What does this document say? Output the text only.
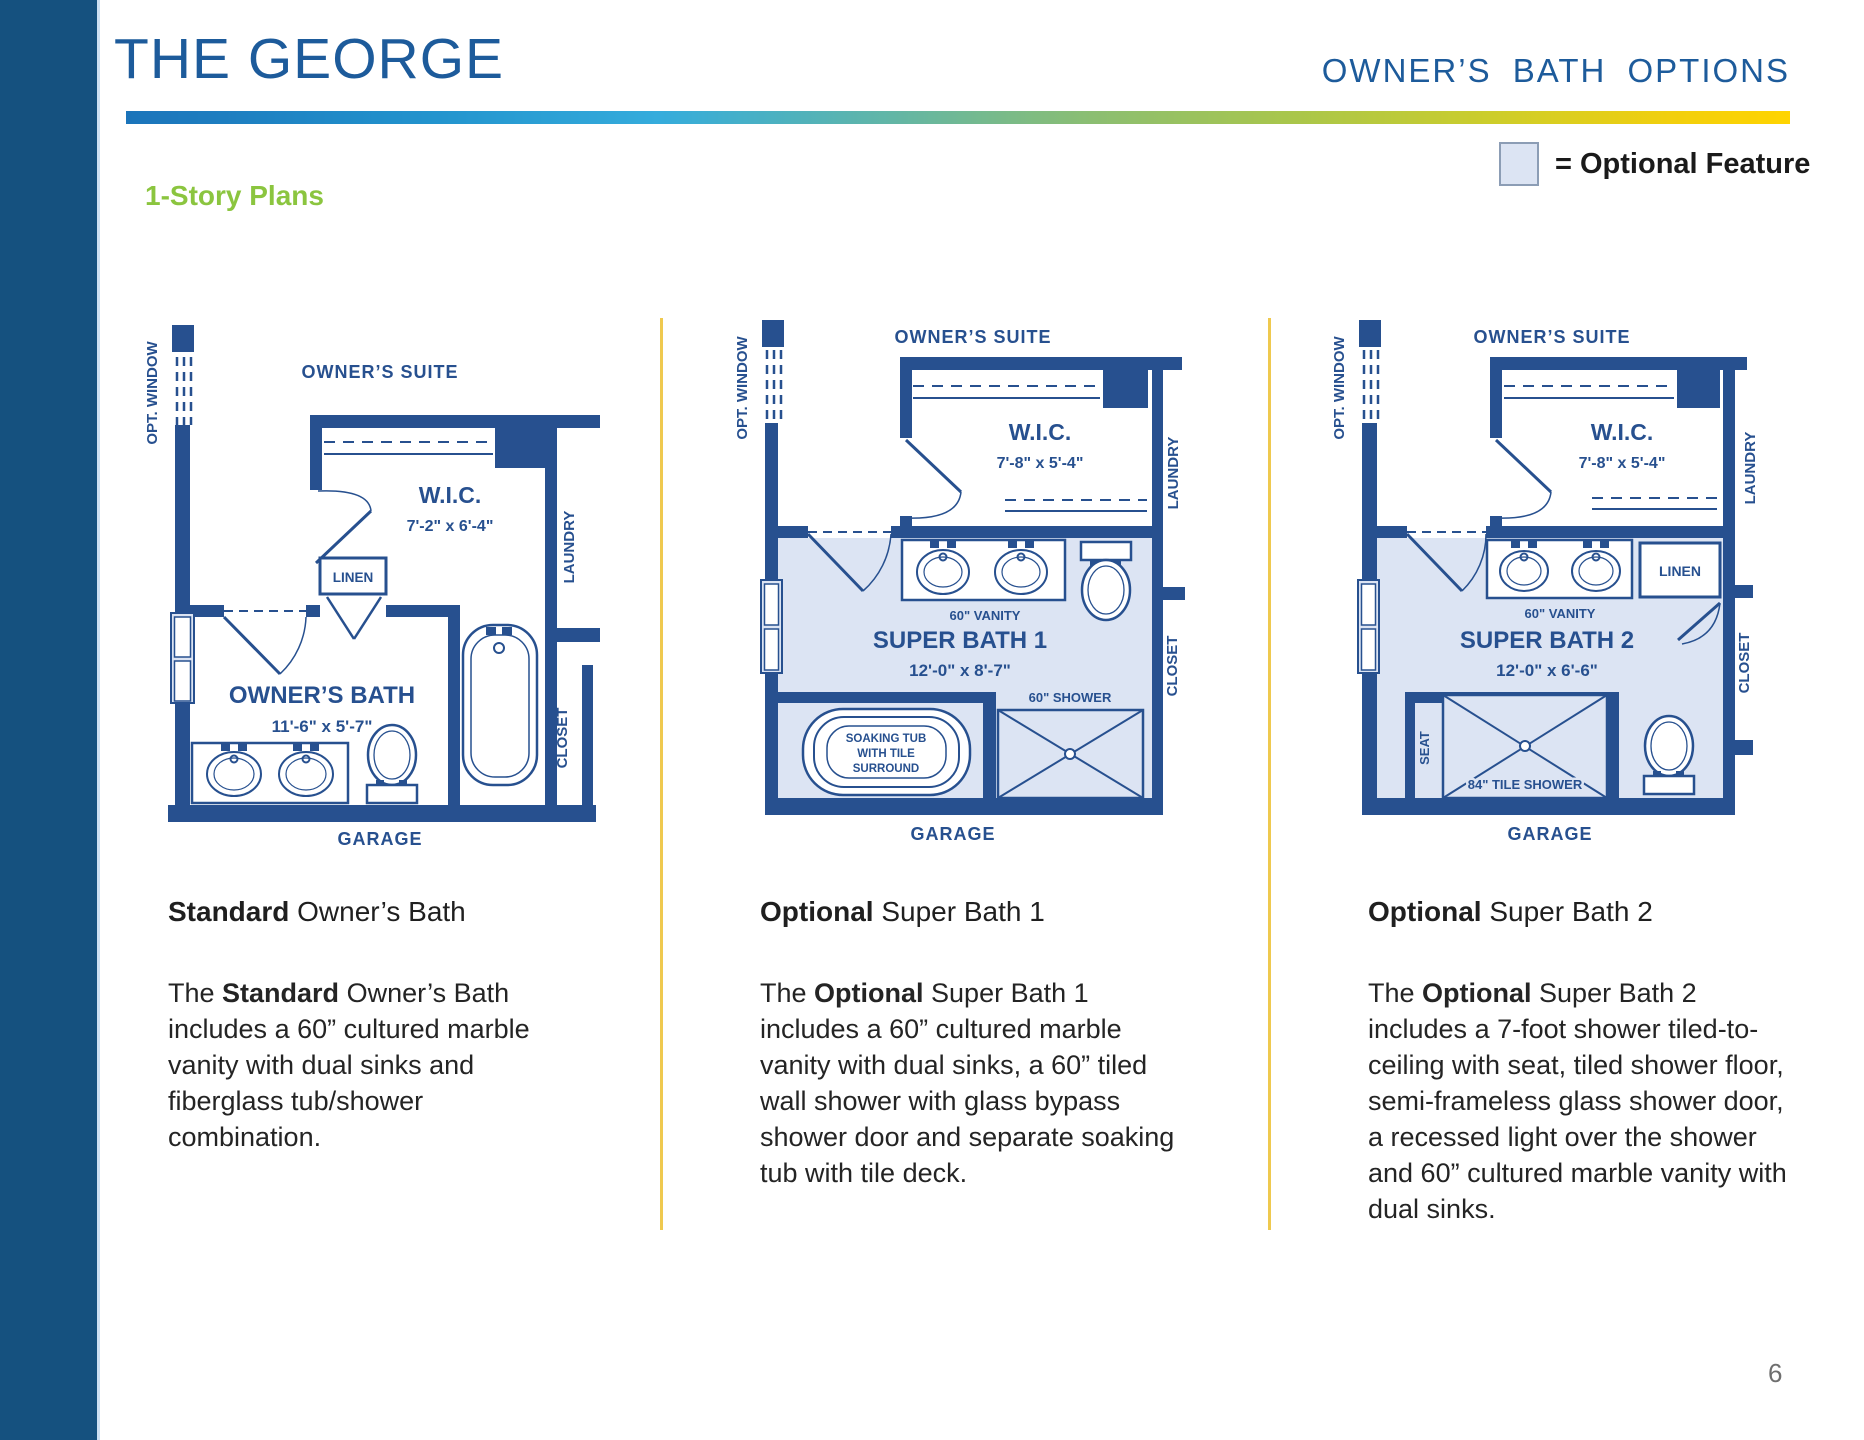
THE GEORGE	OWNER’S BATH OPTIONS
= Optional Feature
1-Story Plans
OPT. WINDOW	OWNER’S SUITE
W.I.C.
7'-2" x 6'-4"	LAUNDRY
LINEN
OWNER’S BATH
11'-6" x 5'-7"	CLOSET
GARAGE
OPT. WINDOW	OWNER’S SUITE
W.I.C.
7'-8" x 5'-4"	LAUNDRY
60" VANITY
SUPER BATH 1
12'-0" x 8'-7"
60" SHOWER
SOAKING TUB
WITH TILE
SURROUND
CLOSET
GARAGE
OPT. WINDOW	OWNER’S SUITE
W.I.C.
7'-8" x 5'-4"	LAUNDRY
LINEN
60" VANITY
SUPER BATH 2
12'-0" x 6'-6"
SEAT
84" TILE SHOWER
CLOSET
GARAGE
Standard Owner’s Bath	Optional Super Bath 1	Optional Super Bath 2

The Standard Owner’s Bath includes a 60” cultured marble vanity with dual sinks and fiberglass tub/shower combination.

The Optional Super Bath 1 includes a 60” cultured marble vanity with dual sinks, a 60” tiled wall shower with glass bypass shower door and separate soaking tub with tile deck.

The Optional Super Bath 2 includes a 7-foot shower tiled-to-ceiling with seat, tiled shower floor, semi-frameless glass shower door, a recessed light over the shower and 60” cultured marble vanity with dual sinks.

6
